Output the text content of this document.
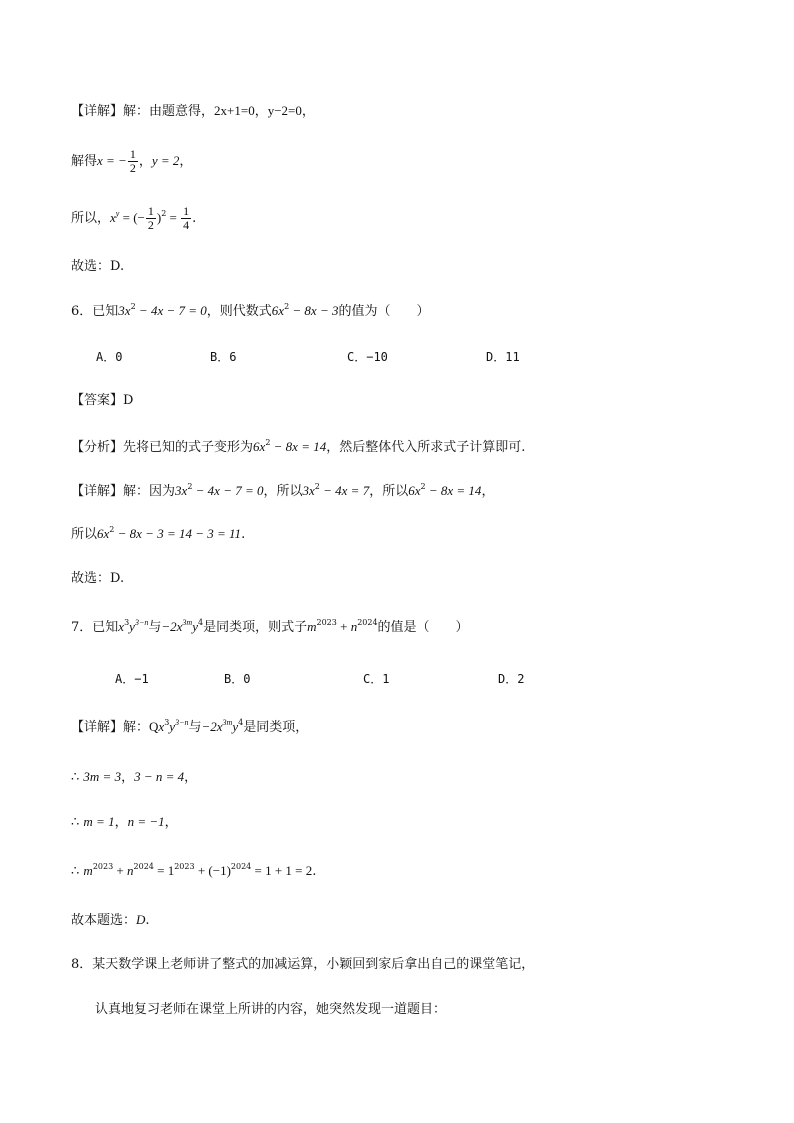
【详解】解：由题意得，2x+1=0，y−2=0，
解得x = − $\frac{1}{2}$ ，y = 2，
所以，$x^y$ = (− $\frac{1}{2} )^2 = \frac{1}{4}$ .
故选：D.
6．已知$3x^2 - 4x - 7 = 0$，则代数式$6x^2 - 8x - 3$的值为（　　）
A．0	B．6	C．−10	D．11
【答案】D
【分析】先将已知的式子变形为$6x^2 - 8x = 14$，然后整体代入所求式子计算即可.
【详解】解：因为$3x^2 - 4x - 7 = 0$，所以$3x^2 - 4x = 7$，所以$6x^2 - 8x = 14$，
所以$6x^2 - 8x - 3 = 14 - 3 = 11$.
故选：D.
7．已知$x^3y^{3-n}$与$-2x^{3m}y^4$是同类项，则式子$m^{2023} + n^{2024}$的值是（　　）
A．−1	B．0	C．1	D．2
【详解】解：$Qx^3y^{3-n}$与$-2x^{3m}y^4$是同类项，
∴ 3m = 3，3 − n = 4，
∴ m = 1，n = −1，
∴ $m^{2023} + n^{2024} = 1^{2023} + (-1)^{2024} = 1 + 1 = 2$.
故本题选：D.
8．某天数学课上老师讲了整式的加减运算，小颖回到家后拿出自己的课堂笔记，
认真地复习老师在课堂上所讲的内容，她突然发现一道题目：
